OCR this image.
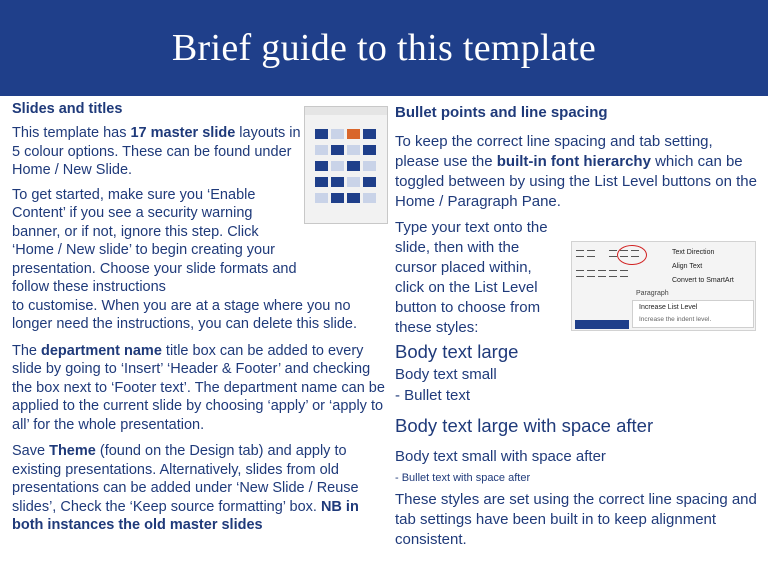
Brief guide to this template
Slides and titles
This template has 17 master slide layouts in 5 colour options. These can be found under Home / New Slide.
To get started, make sure you ‘Enable Content’ if you see a security warning banner, or if not, ignore this step. Click ‘Home / New slide’ to begin creating your presentation. Choose your slide formats and follow these instructions
to customise. When you are at a stage where you no longer need the instructions, you can delete this slide.
The department name title box can be added to every slide by going to ‘Insert’ ‘Header & Footer’ and checking the box next to ‘Footer text’. The department name can be applied to the current slide by choosing ‘apply’ or ‘apply to all’ for the whole presentation.
Save Theme (found on the Design tab) and apply to existing presentations. Alternatively, slides from old presentations can be added under ‘New Slide / Reuse slides’, Check the ‘Keep source formatting’ box. NB in both instances the old master slides
Bullet points and line spacing
To keep the correct line spacing and tab setting, please use the built-in font hierarchy which can be toggled between by using the List Level buttons on the Home / Paragraph Pane.
Type your text onto the
slide, then with the
cursor placed within,
click on the List Level
button to choose from
these styles:
Body text large
Body text small
- Bullet text
Body text large with space after
Body text small with space after
- Bullet text with space after
These styles are set using the correct line spacing and tab settings have been built in to keep alignment consistent.
Text Direction
Align Text
Convert to SmartArt
Paragraph
Increase List Level
Increase the indent level.
